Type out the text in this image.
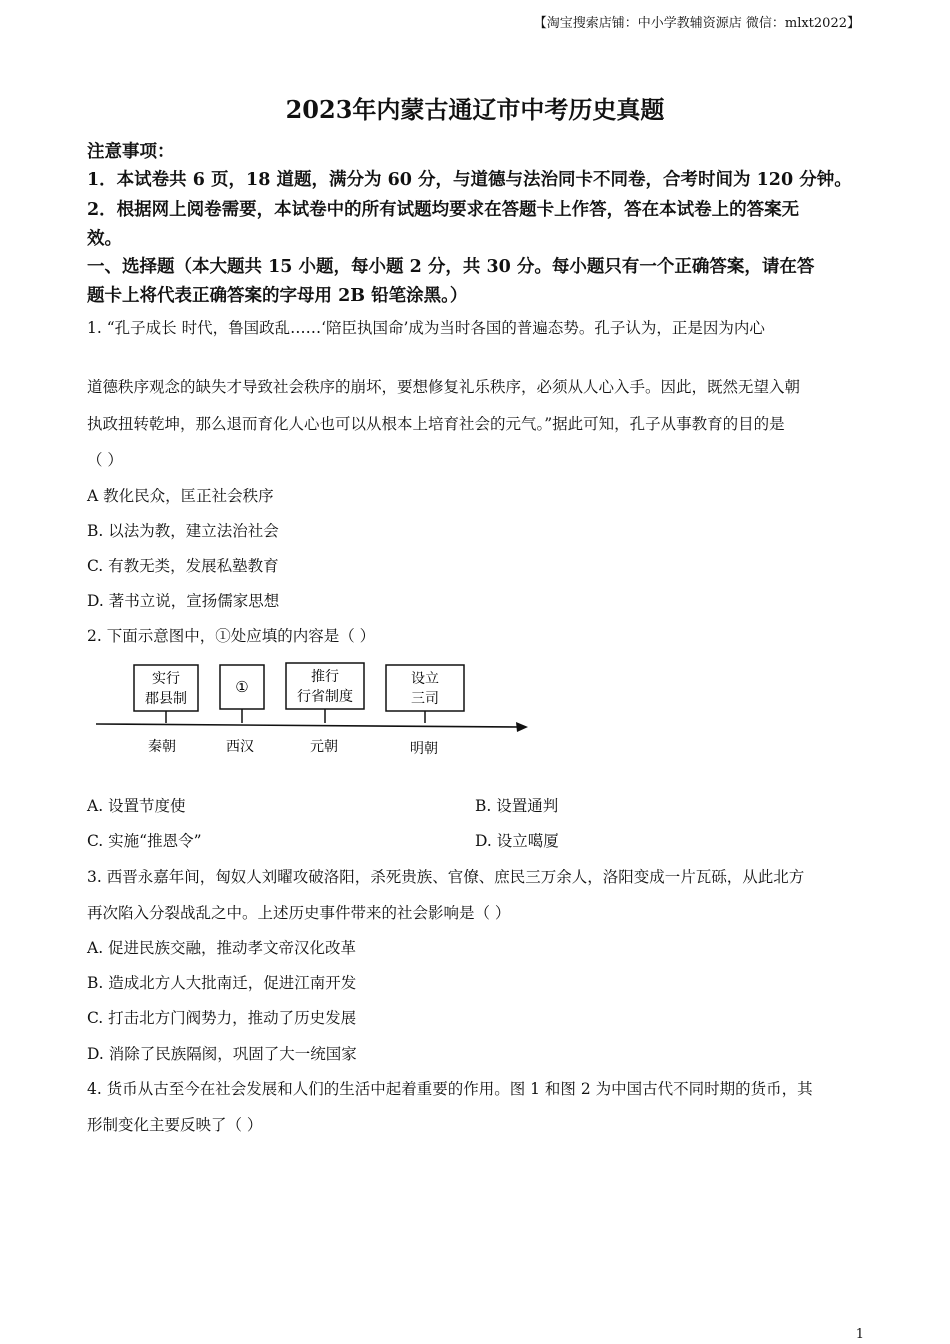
【淘宝搜索店铺：中小学教辅资源店 微信：mlxt2022】
2023年内蒙古通辽市中考历史真题
注意事项：
1．本试卷共 6 页，18 道题，满分为 60 分，与道德与法治同卡不同卷，合考时间为 120 分钟。
2．根据网上阅卷需要，本试卷中的所有试题均要求在答题卡上作答，答在本试卷上的答案无
效。
一、选择题（本大题共 15 小题，每小题 2 分，共 30 分。每小题只有一个正确答案，请在答
题卡上将代表正确答案的字母用 2B 铅笔涂黑。）
1. “孔子成长 时代，鲁国政乱……‘陪臣执国命’成为当时各国的普遍态势。孔子认为，正是因为内心
道德秩序观念的缺失才导致社会秩序的崩坏，要想修复礼乐秩序，必须从人心入手。因此，既然无望入朝
执政扭转乾坤，那么退而育化人心也可以从根本上培育社会的元气。”据此可知，孔子从事教育的目的是
（ ）
A 教化民众，匡正社会秩序
B. 以法为教，建立法治社会
C. 有教无类，发展私塾教育
D. 著书立说，宣扬儒家思想
2. 下面示意图中，①处应填的内容是（ ）
实行
郡县制
①
推行
行省制度
设立
三司
秦朝	西汉	元朝	明朝
A. 设置节度使	B. 设置通判
C. 实施“推恩令”	D. 设立噶厦
3. 西晋永嘉年间，匈奴人刘曜攻破洛阳，杀死贵族、官僚、庶民三万余人，洛阳变成一片瓦砾，从此北方
再次陷入分裂战乱之中。上述历史事件带来的社会影响是（ ）
A. 促进民族交融，推动孝文帝汉化改革
B. 造成北方人大批南迁，促进江南开发
C. 打击北方门阀势力，推动了历史发展
D. 消除了民族隔阂，巩固了大一统国家
4. 货币从古至今在社会发展和人们的生活中起着重要的作用。图 1 和图 2 为中国古代不同时期的货币，其
形制变化主要反映了（ ）
1
